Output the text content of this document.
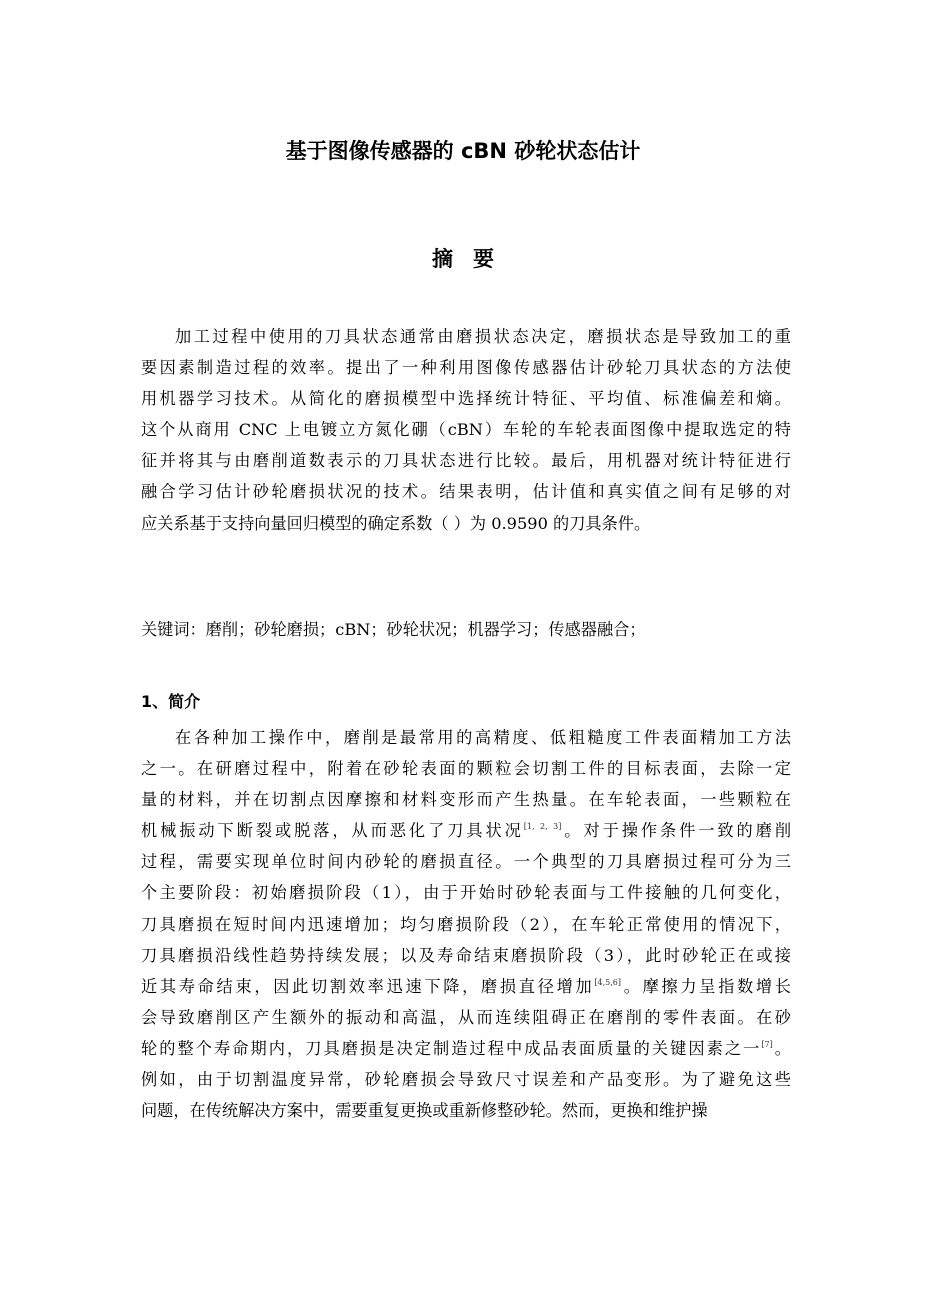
基于图像传感器的 cBN 砂轮状态估计
摘要
加工过程中使用的刀具状态通常由磨损状态决定，磨损状态是导致加工的重
要因素制造过程的效率。提出了一种利用图像传感器估计砂轮刀具状态的方法使
用机器学习技术。从简化的磨损模型中选择统计特征、平均值、标准偏差和熵。
这个从商用 CNC 上电镀立方氮化硼（cBN）车轮的车轮表面图像中提取选定的特
征并将其与由磨削道数表示的刀具状态进行比较。最后，用机器对统计特征进行
融合学习估计砂轮磨损状况的技术。结果表明，估计值和真实值之间有足够的对
应关系基于支持向量回归模型的确定系数（ ）为 0.9590 的刀具条件。

关键词：磨削；砂轮磨损；cBN；砂轮状况；机器学习；传感器融合；

1、简介

在各种加工操作中，磨削是最常用的高精度、低粗糙度工件表面精加工方法
之一。在研磨过程中，附着在砂轮表面的颗粒会切割工件的目标表面，去除一定
量的材料，并在切割点因摩擦和材料变形而产生热量。在车轮表面，一些颗粒在
机械振动下断裂或脱落，从而恶化了刀具状况[1, 2, 3]。对于操作条件一致的磨削
过程，需要实现单位时间内砂轮的磨损直径。一个典型的刀具磨损过程可分为三
个主要阶段：初始磨损阶段（1），由于开始时砂轮表面与工件接触的几何变化，
刀具磨损在短时间内迅速增加；均匀磨损阶段（2），在车轮正常使用的情况下，
刀具磨损沿线性趋势持续发展；以及寿命结束磨损阶段（3），此时砂轮正在或接
近其寿命结束，因此切割效率迅速下降，磨损直径增加[4,5,6]。摩擦力呈指数增长
会导致磨削区产生额外的振动和高温，从而连续阻碍正在磨削的零件表面。在砂
轮的整个寿命期内，刀具磨损是决定制造过程中成品表面质量的关键因素之一[7]。
例如，由于切割温度异常，砂轮磨损会导致尺寸误差和产品变形。为了避免这些
问题，在传统解决方案中，需要重复更换或重新修整砂轮。然而，更换和维护操
